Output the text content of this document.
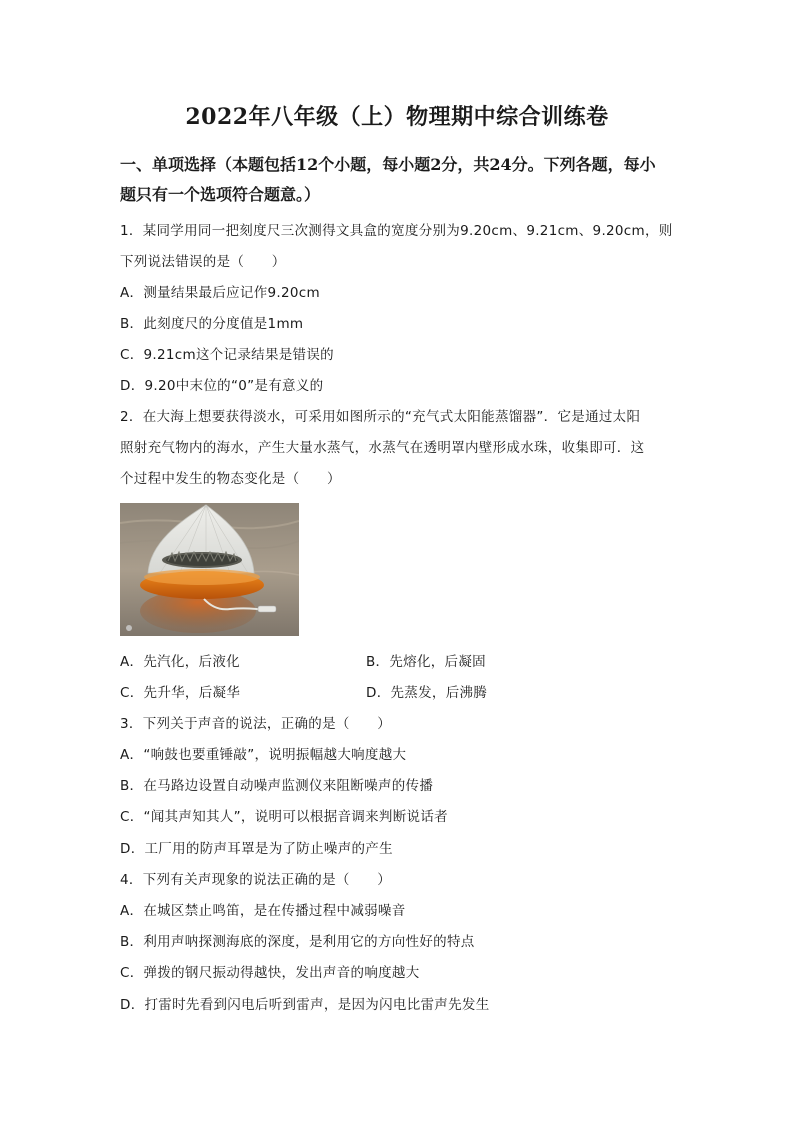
2022年八年级（上）物理期中综合训练卷
一、单项选择（本题包括12个小题，每小题2分，共24分。下列各题，每小
题只有一个选项符合题意。）
1．某同学用同一把刻度尺三次测得文具盒的宽度分别为9.20cm、9.21cm、9.20cm，则
下列说法错误的是（　　）
A．测量结果最后应记作9.20cm
B．此刻度尺的分度值是1mm
C．9.21cm这个记录结果是错误的
D．9.20中末位的“0”是有意义的
2．在大海上想要获得淡水，可采用如图所示的“充气式太阳能蒸馏器”．它是通过太阳
照射充气物内的海水，产生大量水蒸气，水蒸气在透明罩内壁形成水珠，收集即可．这
个过程中发生的物态变化是（　　）
A．先汽化，后液化	B．先熔化，后凝固
C．先升华，后凝华	D．先蒸发，后沸腾
3．下列关于声音的说法，正确的是（　　）
A．“响鼓也要重锤敲”，说明振幅越大响度越大
B．在马路边设置自动噪声监测仪来阻断噪声的传播
C．“闻其声知其人”，说明可以根据音调来判断说话者
D．工厂用的防声耳罩是为了防止噪声的产生
4．下列有关声现象的说法正确的是（　　）
A．在城区禁止鸣笛，是在传播过程中减弱噪音
B．利用声呐探测海底的深度，是利用它的方向性好的特点
C．弹拨的钢尺振动得越快，发出声音的响度越大
D．打雷时先看到闪电后听到雷声，是因为闪电比雷声先发生
